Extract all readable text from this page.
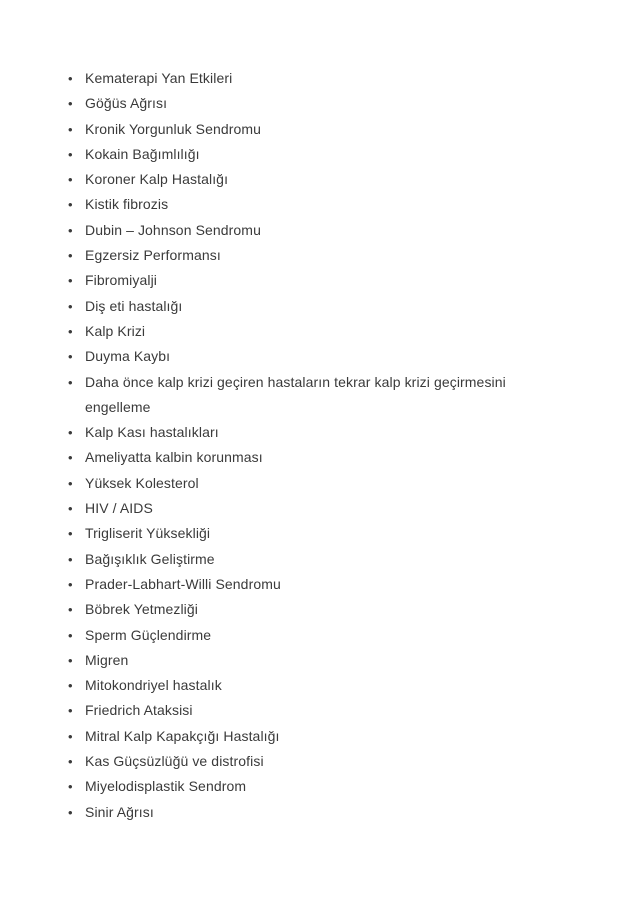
• Kematerapi Yan Etkileri
• Göğüs Ağrısı
• Kronik Yorgunluk Sendromu
• Kokain Bağımlılığı
• Koroner Kalp Hastalığı
• Kistik fibrozis
• Dubin – Johnson Sendromu
• Egzersiz Performansı
• Fibromiyalji
• Diş eti hastalığı
• Kalp Krizi
• Duyma Kaybı
• Daha önce kalp krizi geçiren hastaların tekrar kalp krizi geçirmesini engelleme
• Kalp Kası hastalıkları
• Ameliyatta kalbin korunması
• Yüksek Kolesterol
• HIV / AIDS
• Trigliserit Yüksekliği
• Bağışıklık Geliştirme
• Prader-Labhart-Willi Sendromu
• Böbrek Yetmezliği
• Sperm Güçlendirme
• Migren
• Mitokondriyel hastalık
• Friedrich Ataksisi
• Mitral Kalp Kapakçığı Hastalığı
• Kas Güçsüzlüğü ve distrofisi
• Miyelodisplastik Sendrom
• Sinir Ağrısı
